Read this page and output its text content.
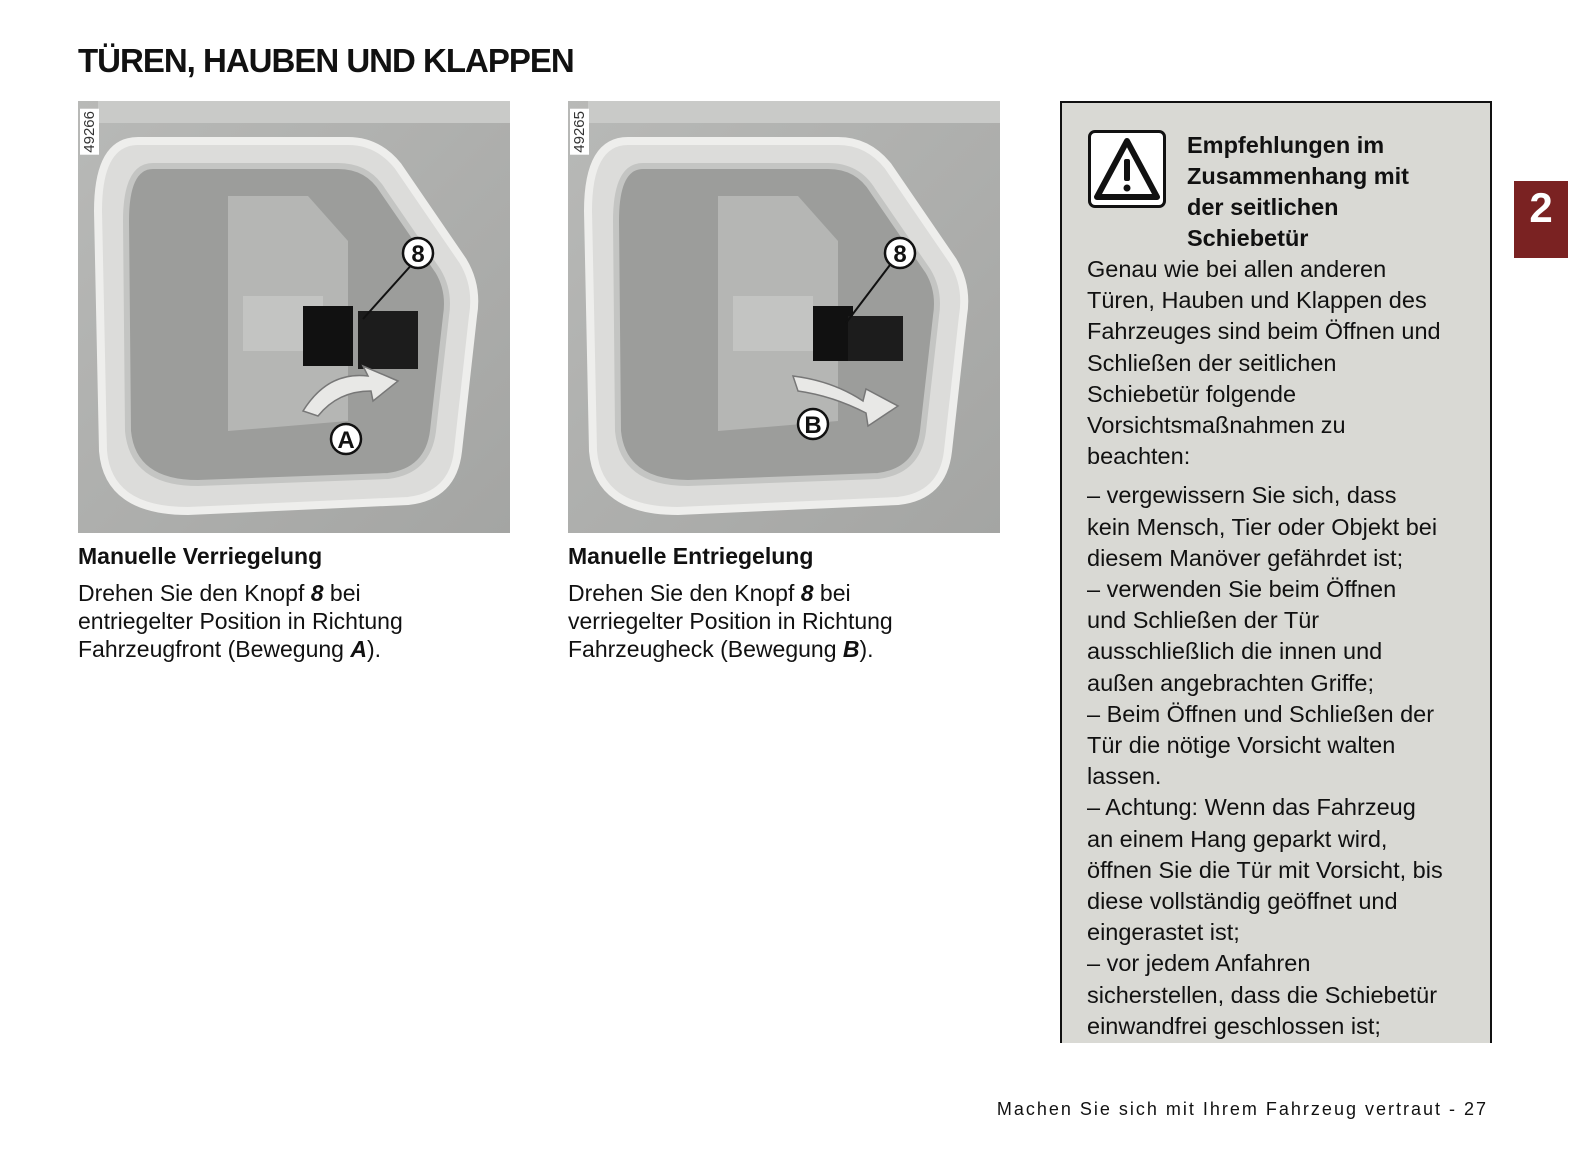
TÜREN, HAUBEN UND KLAPPEN
8
A
49266
8
B
49265
Manuelle Verriegelung
Drehen Sie den Knopf 8 bei
entriegelter Position in Richtung
Fahrzeugfront (Bewegung A).
Manuelle Entriegelung
Drehen Sie den Knopf 8 bei
verriegelter Position in Richtung
Fahrzeugheck (Bewegung B).
Empfehlungen im
Zusammenhang mit
der seitlichen
Schiebetür
Genau wie bei allen anderen
Türen, Hauben und Klappen des
Fahrzeuges sind beim Öffnen und
Schließen der seitlichen
Schiebetür folgende
Vorsichtsmaßnahmen zu
beachten:
– vergewissern Sie sich, dass
kein Mensch, Tier oder Objekt bei
diesem Manöver gefährdet ist;
– verwenden Sie beim Öffnen
und Schließen der Tür
ausschließlich die innen und
außen angebrachten Griffe;
– Beim Öffnen und Schließen der
Tür die nötige Vorsicht walten
lassen.
– Achtung: Wenn das Fahrzeug
an einem Hang geparkt wird,
öffnen Sie die Tür mit Vorsicht, bis
diese vollständig geöffnet und
eingerastet ist;
– vor jedem Anfahren
sicherstellen, dass die Schiebetür
einwandfrei geschlossen ist;
2
Machen Sie sich mit Ihrem Fahrzeug vertraut - 27
